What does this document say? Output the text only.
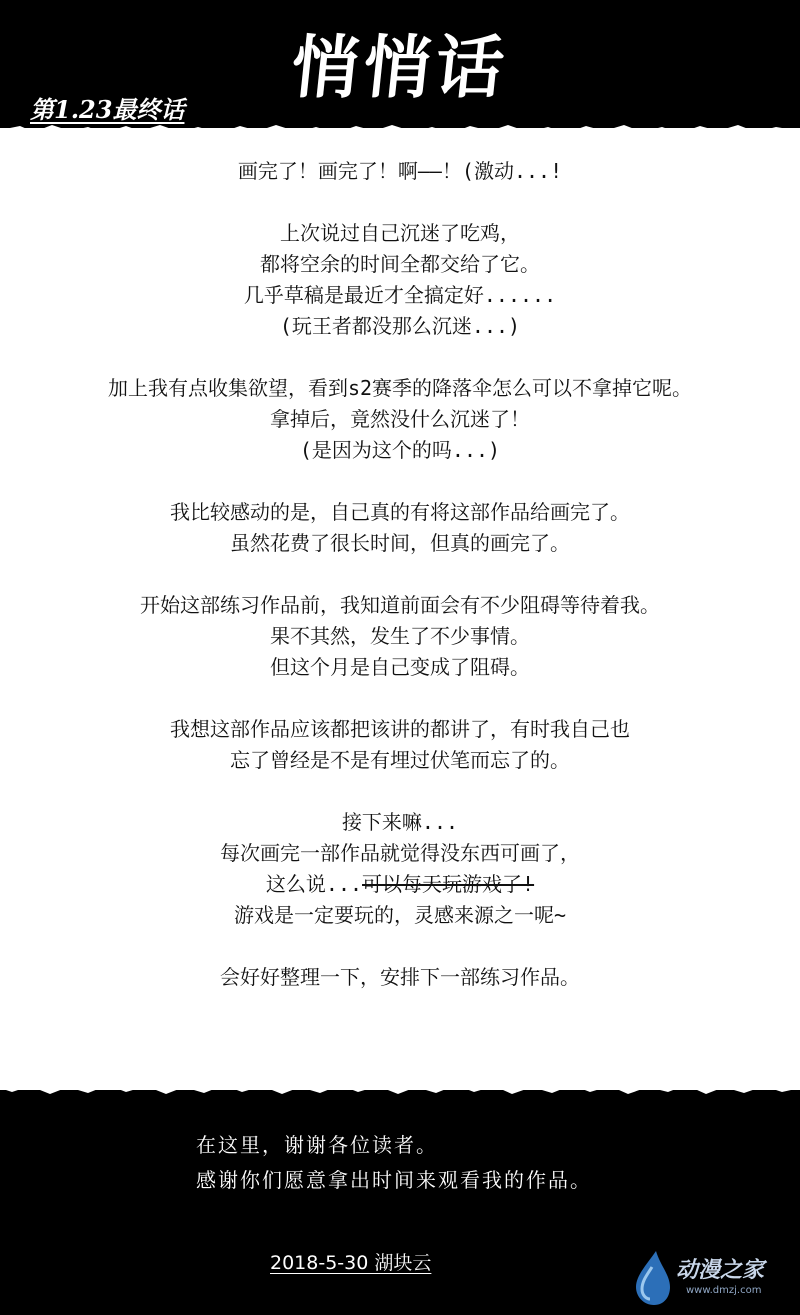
悄悄话
第1.23最终话
画完了！画完了！啊——！(激动...!
上次说过自己沉迷了吃鸡，
都将空余的时间全都交给了它。
几乎草稿是最近才全搞定好......
(玩王者都没那么沉迷...)
加上我有点收集欲望，看到s2赛季的降落伞怎么可以不拿掉它呢。
拿掉后，竟然没什么沉迷了！
(是因为这个的吗...)
我比较感动的是，自己真的有将这部作品给画完了。
虽然花费了很长时间，但真的画完了。
开始这部练习作品前，我知道前面会有不少阻碍等待着我。
果不其然，发生了不少事情。
但这个月是自己变成了阻碍。
我想这部作品应该都把该讲的都讲了，有时我自己也
忘了曾经是不是有埋过伏笔而忘了的。
接下来嘛...
每次画完一部作品就觉得没东西可画了，
这么说...可以每天玩游戏了!
游戏是一定要玩的，灵感来源之一呢~
会好好整理一下，安排下一部练习作品。
在这里，谢谢各位读者。
感谢你们愿意拿出时间来观看我的作品。
2018-5-30 湖块云	动漫之家
www.dmzj.com
